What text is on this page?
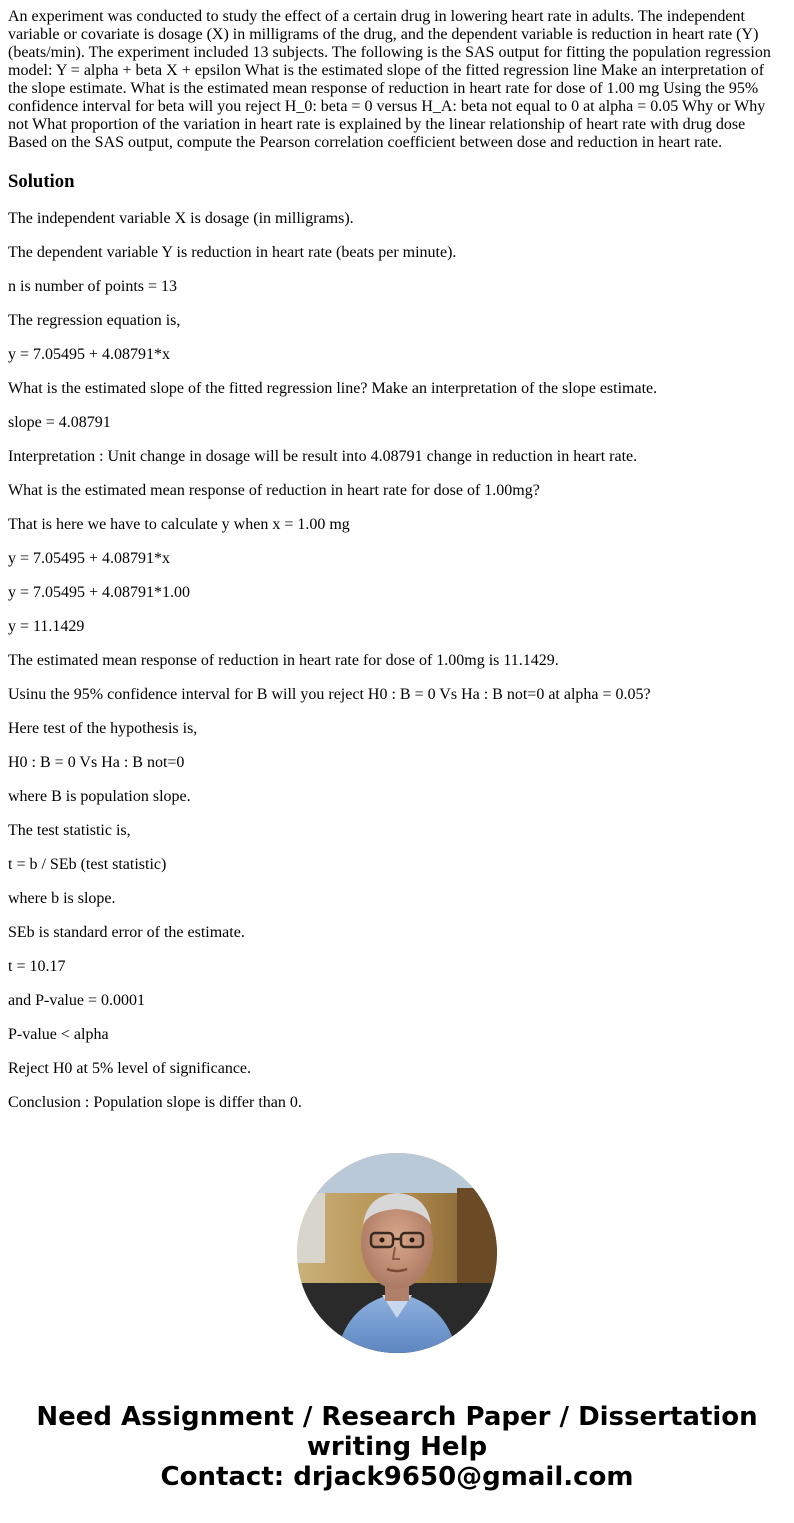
An experiment was conducted to study the effect of a certain drug in lowering heart rate in adults. The independent variable or covariate is dosage (X) in milligrams of the drug, and the dependent variable is reduction in heart rate (Y) (beats/min). The experiment included 13 subjects. The following is the SAS output for fitting the population regression model: Y = alpha + beta X + epsilon What is the estimated slope of the fitted regression line Make an interpretation of the slope estimate. What is the estimated mean response of reduction in heart rate for dose of 1.00 mg Using the 95% confidence interval for beta will you reject H_0: beta = 0 versus H_A: beta not equal to 0 at alpha = 0.05 Why or Why not What proportion of the variation in heart rate is explained by the linear relationship of heart rate with drug dose Based on the SAS output, compute the Pearson correlation coefficient between dose and reduction in heart rate.

Solution

The independent variable X is dosage (in milligrams).

The dependent variable Y is reduction in heart rate (beats per minute).

n is number of points = 13

The regression equation is,

y = 7.05495 + 4.08791*x

What is the estimated slope of the fitted regression line? Make an interpretation of the slope estimate.

slope = 4.08791

Interpretation : Unit change in dosage will be result into 4.08791 change in reduction in heart rate.

What is the estimated mean response of reduction in heart rate for dose of 1.00mg?

That is here we have to calculate y when x = 1.00 mg

y = 7.05495 + 4.08791*x

y = 7.05495 + 4.08791*1.00

y = 11.1429

The estimated mean response of reduction in heart rate for dose of 1.00mg is 11.1429.

Usinu the 95% confidence interval for B will you reject H0 : B = 0 Vs Ha : B not=0 at alpha = 0.05?

Here test of the hypothesis is,

H0 : B = 0 Vs Ha : B not=0

where B is population slope.

The test statistic is,

t = b / SEb (test statistic)

where b is slope.

SEb is standard error of the estimate.

t = 10.17

and P-value = 0.0001

P-value < alpha

Reject H0 at 5% level of significance.

Conclusion : Population slope is differ than 0.

Need Assignment / Research Paper / Dissertation
writing Help
Contact: drjack9650@gmail.com
